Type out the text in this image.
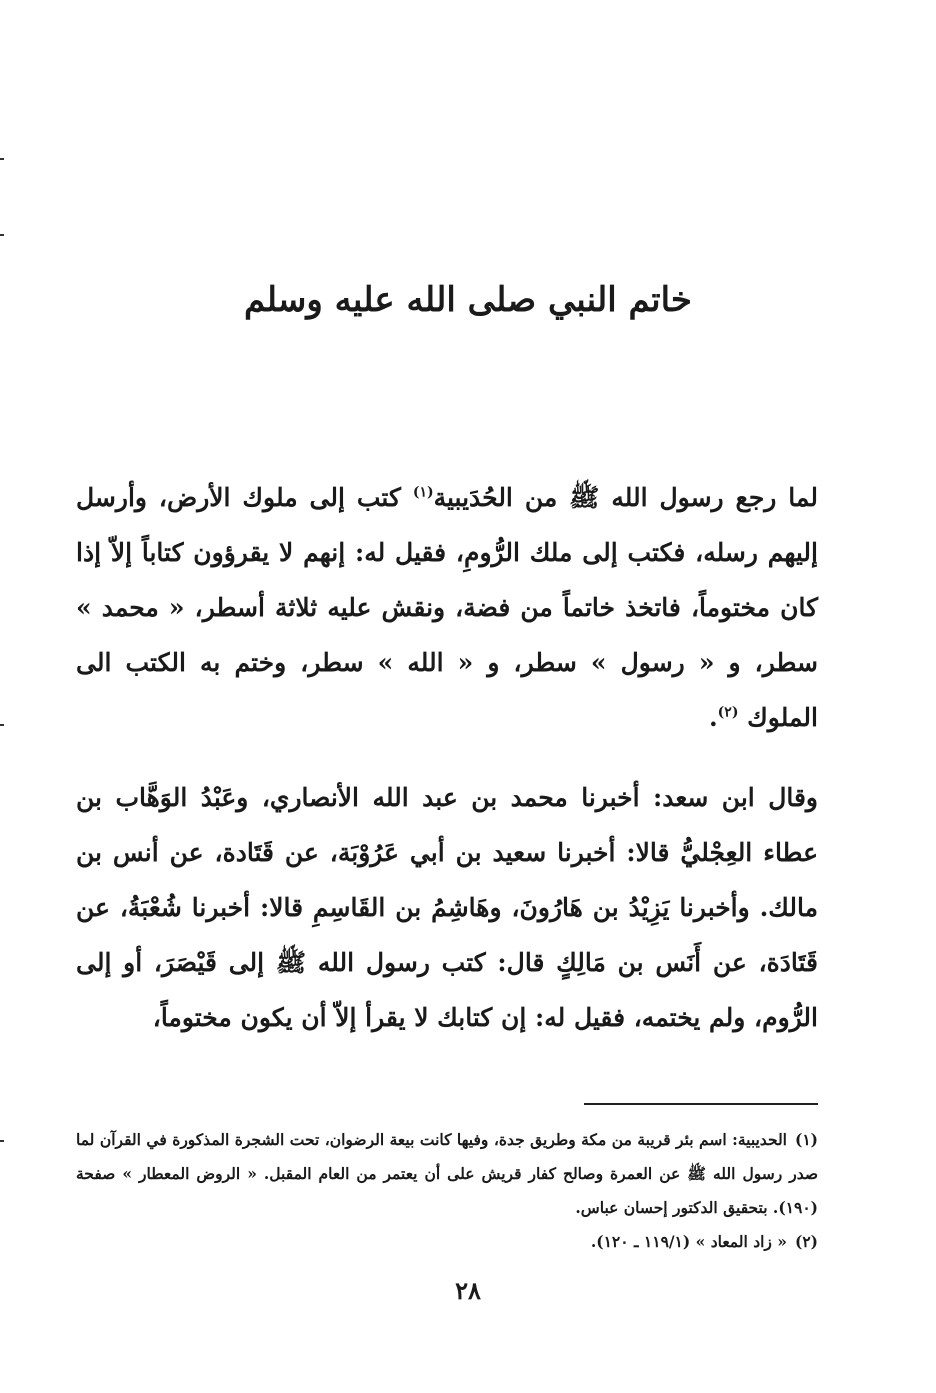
خاتم النبي صلى الله عليه وسلم

لما رجع رسول الله ﷺ من الحُدَيبية$^{(١)}$ كتب إلى ملوك الأرض، وأرسل إليهم رسله، فكتب إلى ملك الرُّومِ، فقيل له: إنهم لا يقرؤون كتاباً إلاّ إذا كان مختوماً، فاتخذ خاتماً من فضة، ونقش عليه ثلاثة أسطر، « محمد » سطر، و « رسول » سطر، و « الله » سطر، وختم به الكتب الى الملوك $^{(٢)}$.

وقال ابن سعد: أخبرنا محمد بن عبد الله الأنصاري، وعَبْدُ الوَهَّاب بن عطاء العِجْليُّ قالا: أخبرنا سعيد بن أبي عَرُوْبَة، عن قَتَادة، عن أنس بن مالك. وأخبرنا يَزِيْدُ بن هَارُونَ، وهَاشِمُ بن القَاسِمِ قالا: أخبرنا شُعْبَةُ، عن قَتَادَة، عن أَنَس بن مَالِكٍ قال: كتب رسول الله ﷺ إلى قَيْصَرَ، أو إلى الرُّوم، ولم يختمه، فقيل له: إن كتابك لا يقرأ إلاّ أن يكون مختوماً،

(١)الحديبية: اسم بئر قريبة من مكة وطريق جدة، وفيها كانت بيعة الرضوان، تحت الشجرة المذكورة في القرآن لما صدر رسول الله ﷺ عن العمرة وصالح كفار قريش على أن يعتمر من العام المقبل. « الروض المعطار » صفحة (١٩٠). بتحقيق الدكتور إحسان عباس.

(٢)« زاد المعاد » (١١٩/١ ـ ١٢٠).

٢٨
